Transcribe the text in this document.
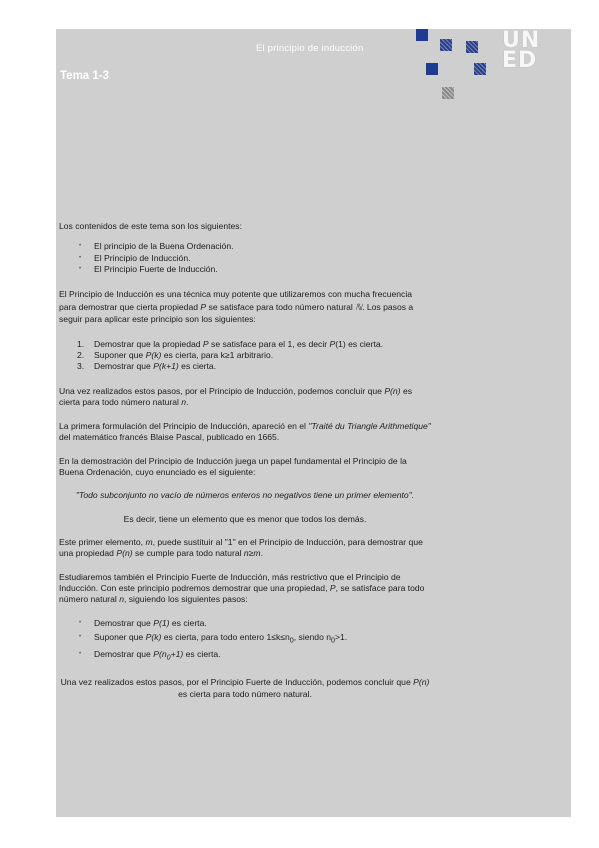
El principio de inducción
Tema 1-3
UN
ED

Los contenidos de este tema son los siguientes:

• El principio de la Buena Ordenación.
• El Principio de Inducción.
• El Principio Fuerte de Inducción.

El Principio de Inducción es una técnica muy potente que utilizaremos con mucha frecuencia para demostrar que cierta propiedad P se satisface para todo número natural ℕ. Los pasos a seguir para aplicar este principio son los siguientes:

1. Demostrar que la propiedad P se satisface para el 1, es decir P(1) es cierta.
2. Suponer que P(k) es cierta, para k≥1 arbitrario.
3. Demostrar que P(k+1) es cierta.

Una vez realizados estos pasos, por el Principio de Inducción, podemos concluir que P(n) es cierta para todo número natural n.

La primera formulación del Principio de Inducción, apareció en el "Traité du Triangle Arithmetique" del matemático francés Blaise Pascal, publicado en 1665.

En la demostración del Principio de Inducción juega un papel fundamental el Principio de la Buena Ordenación, cuyo enunciado es el siguiente:

"Todo subconjunto no vacío de números enteros no negativos tiene un primer elemento".

Es decir, tiene un elemento que es menor que todos los demás.

Este primer elemento, m, puede sustituir al "1" en el Principio de Inducción, para demostrar que una propiedad P(n) se cumple para todo natural n≥m.

Estudiaremos también el Principio Fuerte de Inducción, más restrictivo que el Principio de Inducción. Con este principio podremos demostrar que una propiedad, P, se satisface para todo número natural n, siguiendo los siguientes pasos:

• Demostrar que P(1) es cierta.
• Suponer que P(k) es cierta, para todo entero $1\le k\le n_0$, siendo $n_0>1$.
• Demostrar que $P(n_0+1)$ es cierta.

Una vez realizados estos pasos, por el Principio Fuerte de Inducción, podemos concluir que P(n) es cierta para todo número natural.
